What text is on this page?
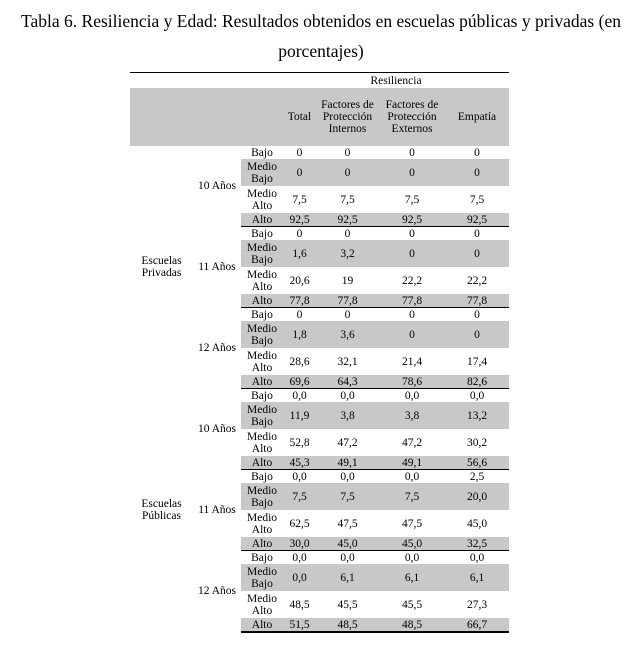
Tabla 6. Resiliencia y Edad: Resultados obtenidos en escuelas públicas y privadas (en porcentajes)
			Resiliencia			
			Total	Factores de Protección Internos	Factores de Protección Externos	Empatía
Escuelas Privadas	10 Años	Bajo	0	0	0	0
		Medio Bajo	0	0	0	0
		Medio Alto	7,5	7,5	7,5	7,5
		Alto	92,5	92,5	92,5	92,5
	11 Años	Bajo	0	0	0	0
		Medio Bajo	1,6	3,2	0	0
		Medio Alto	20,6	19	22,2	22,2
		Alto	77,8	77,8	77,8	77,8
	12 Años	Bajo	0	0	0	0
		Medio Bajo	1,8	3,6	0	0
		Medio Alto	28,6	32,1	21,4	17,4
		Alto	69,6	64,3	78,6	82,6
Escuelas Públicas	10 Años	Bajo	0,0	0,0	0,0	0,0
		Medio Bajo	11,9	3,8	3,8	13,2
		Medio Alto	52,8	47,2	47,2	30,2
		Alto	45,3	49,1	49,1	56,6
	11 Años	Bajo	0,0	0,0	0,0	2,5
		Medio Bajo	7,5	7,5	7,5	20,0
		Medio Alto	62,5	47,5	47,5	45,0
		Alto	30,0	45,0	45,0	32,5
	12 Años	Bajo	0,0	0,0	0,0	0,0
		Medio Bajo	0,0	6,1	6,1	6,1
		Medio Alto	48,5	45,5	45,5	27,3
		Alto	51,5	48,5	48,5	66,7
